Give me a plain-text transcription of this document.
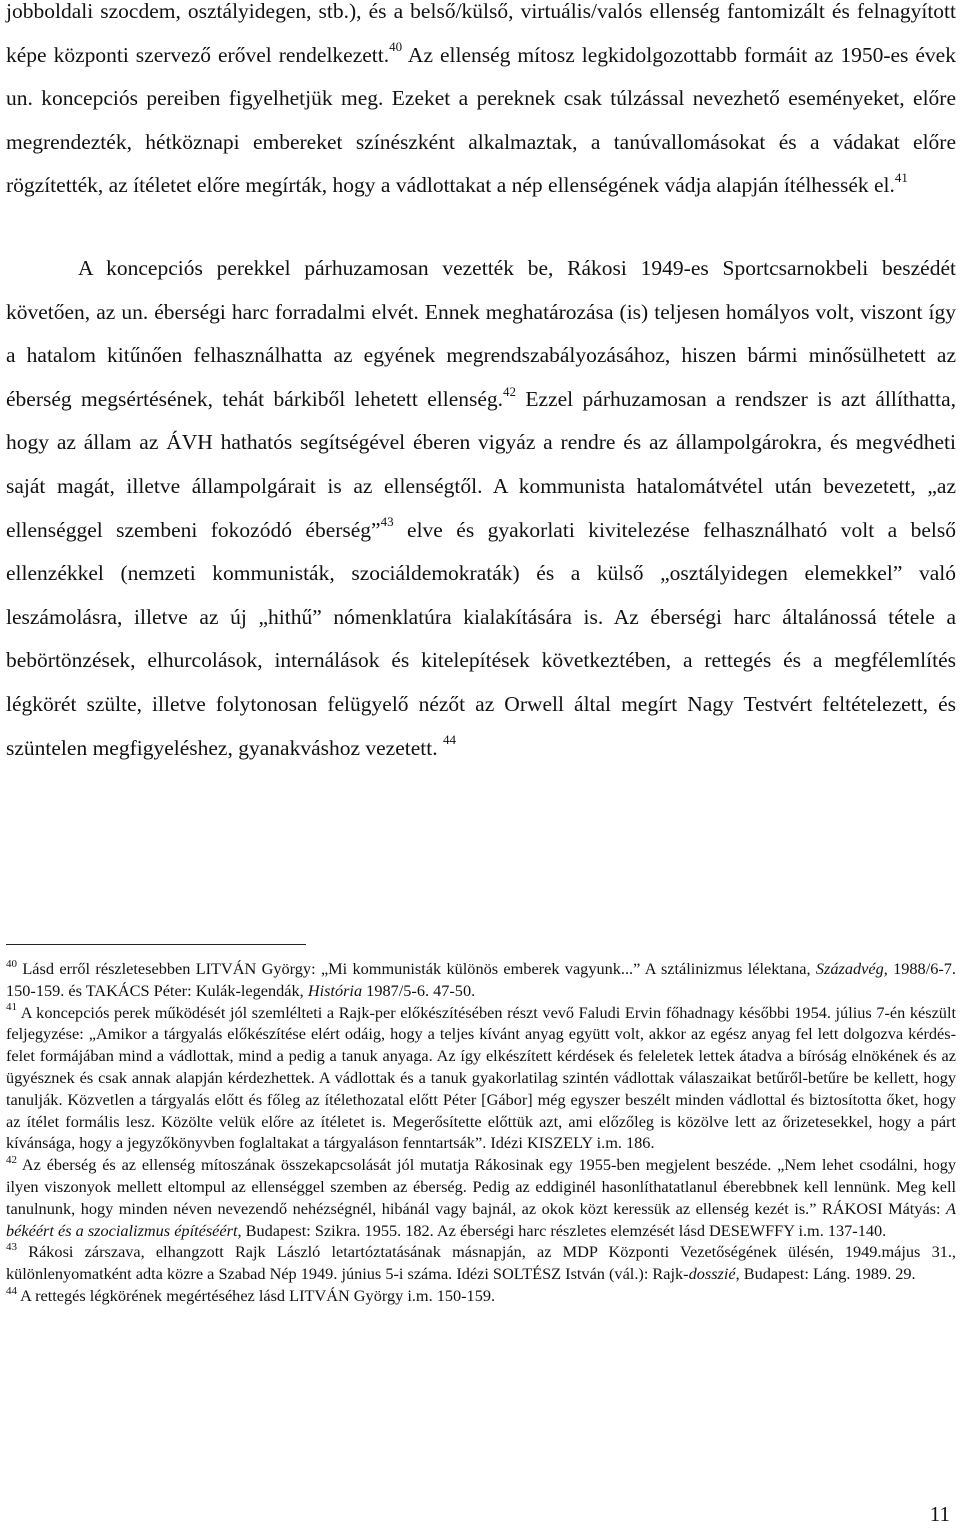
jobboldali szocdem, osztályidegen, stb.), és a belső/külső, virtuális/valós ellenség fantomizált és felnagyított képe központi szervező erővel rendelkezett.$^{40}$ Az ellenség mítosz legkidolgozottabb formáit az 1950-es évek un. koncepciós pereiben figyelhetjük meg. Ezeket a pereknek csak túlzással nevezhető eseményeket, előre megrendezték, hétköznapi embereket színészként alkalmaztak, a tanúvallomásokat és a vádakat előre rögzítették, az ítéletet előre megírták, hogy a vádlottakat a nép ellenségének vádja alapján ítélhessék el.$^{41}$

A koncepciós perekkel párhuzamosan vezették be, Rákosi 1949-es Sportcsarnokbeli beszédét követően, az un. éberségi harc forradalmi elvét. Ennek meghatározása (is) teljesen homályos volt, viszont így a hatalom kitűnően felhasználhatta az egyének megrendszabályozásához, hiszen bármi minősülhetett az éberség megsértésének, tehát bárkiből lehetett ellenség.$^{42}$ Ezzel párhuzamosan a rendszer is azt állíthatta, hogy az állam az ÁVH hathatós segítségével éberen vigyáz a rendre és az állampolgárokra, és megvédheti saját magát, illetve állampolgárait is az ellenségtől. A kommunista hatalomátvétel után bevezetett, „az ellenséggel szembeni fokozódó éberség”$^{43}$ elve és gyakorlati kivitelezése felhasználható volt a belső ellenzékkel (nemzeti kommunisták, szociáldemokraták) és a külső „osztályidegen elemekkel” való leszámolásra, illetve az új „hithű” nómenklatúra kialakítására is. Az éberségi harc általánossá tétele a bebörtönzések, elhurcolások, internálások és kitelepítések következtében, a rettegés és a megfélemlítés légkörét szülte, illetve folytonosan felügyelő nézőt az Orwell által megírt Nagy Testvért feltételezett, és szüntelen megfigyeléshez, gyanakváshoz vezetett. $^{44}$

$^{40}$ Lásd erről részletesebben LITVÁN György: „Mi kommunisták különös emberek vagyunk...” A sztálinizmus lélektana, Századvég, 1988/6-7. 150-159. és TAKÁCS Péter: Kulák-legendák, História 1987/5-6. 47-50.

$^{41}$ A koncepciós perek működését jól szemlélteti a Rajk-per előkészítésében részt vevő Faludi Ervin főhadnagy későbbi 1954. július 7-én készült feljegyzése: „Amikor a tárgyalás előkészítése elért odáig, hogy a teljes kívánt anyag együtt volt, akkor az egész anyag fel lett dolgozva kérdés-felet formájában mind a vádlottak, mind a pedig a tanuk anyaga. Az így elkészített kérdések és feleletek lettek átadva a bíróság elnökének és az ügyésznek és csak annak alapján kérdezhettek. A vádlottak és a tanuk gyakorlatilag szintén vádlottak válaszaikat betűről-betűre be kellett, hogy tanulják. Közvetlen a tárgyalás előtt és főleg az ítélethozatal előtt Péter [Gábor] még egyszer beszélt minden vádlottal és biztosította őket, hogy az ítélet formális lesz. Közölte velük előre az ítéletet is. Megerősítette előttük azt, ami előzőleg is közölve lett az őrizetesekkel, hogy a párt kívánsága, hogy a jegyzőkönyvben foglaltakat a tárgyaláson fenntartsák”. Idézi KISZELY i.m. 186.

$^{42}$ Az éberség és az ellenség mítoszának összekapcsolását jól mutatja Rákosinak egy 1955-ben megjelent beszéde. „Nem lehet csodálni, hogy ilyen viszonyok mellett eltompul az ellenséggel szemben az éberség. Pedig az eddiginél hasonlíthatatlanul éberebbnek kell lennünk. Meg kell tanulnunk, hogy minden néven nevezendő nehézségnél, hibánál vagy bajnál, az okok közt keressük az ellenség kezét is.” RÁKOSI Mátyás: A békéért és a szocializmus építéséért, Budapest: Szikra. 1955. 182. Az éberségi harc részletes elemzését lásd DESEWFFY i.m. 137-140.

$^{43}$ Rákosi zárszava, elhangzott Rajk László letartóztatásának másnapján, az MDP Központi Vezetőségének ülésén, 1949.május 31., különlenyomatként adta közre a Szabad Nép 1949. június 5-i száma. Idézi SOLTÉSZ István (vál.): Rajk-dosszié, Budapest: Láng. 1989. 29.

$^{44}$ A rettegés légkörének megértéséhez lásd LITVÁN György i.m. 150-159.

11
